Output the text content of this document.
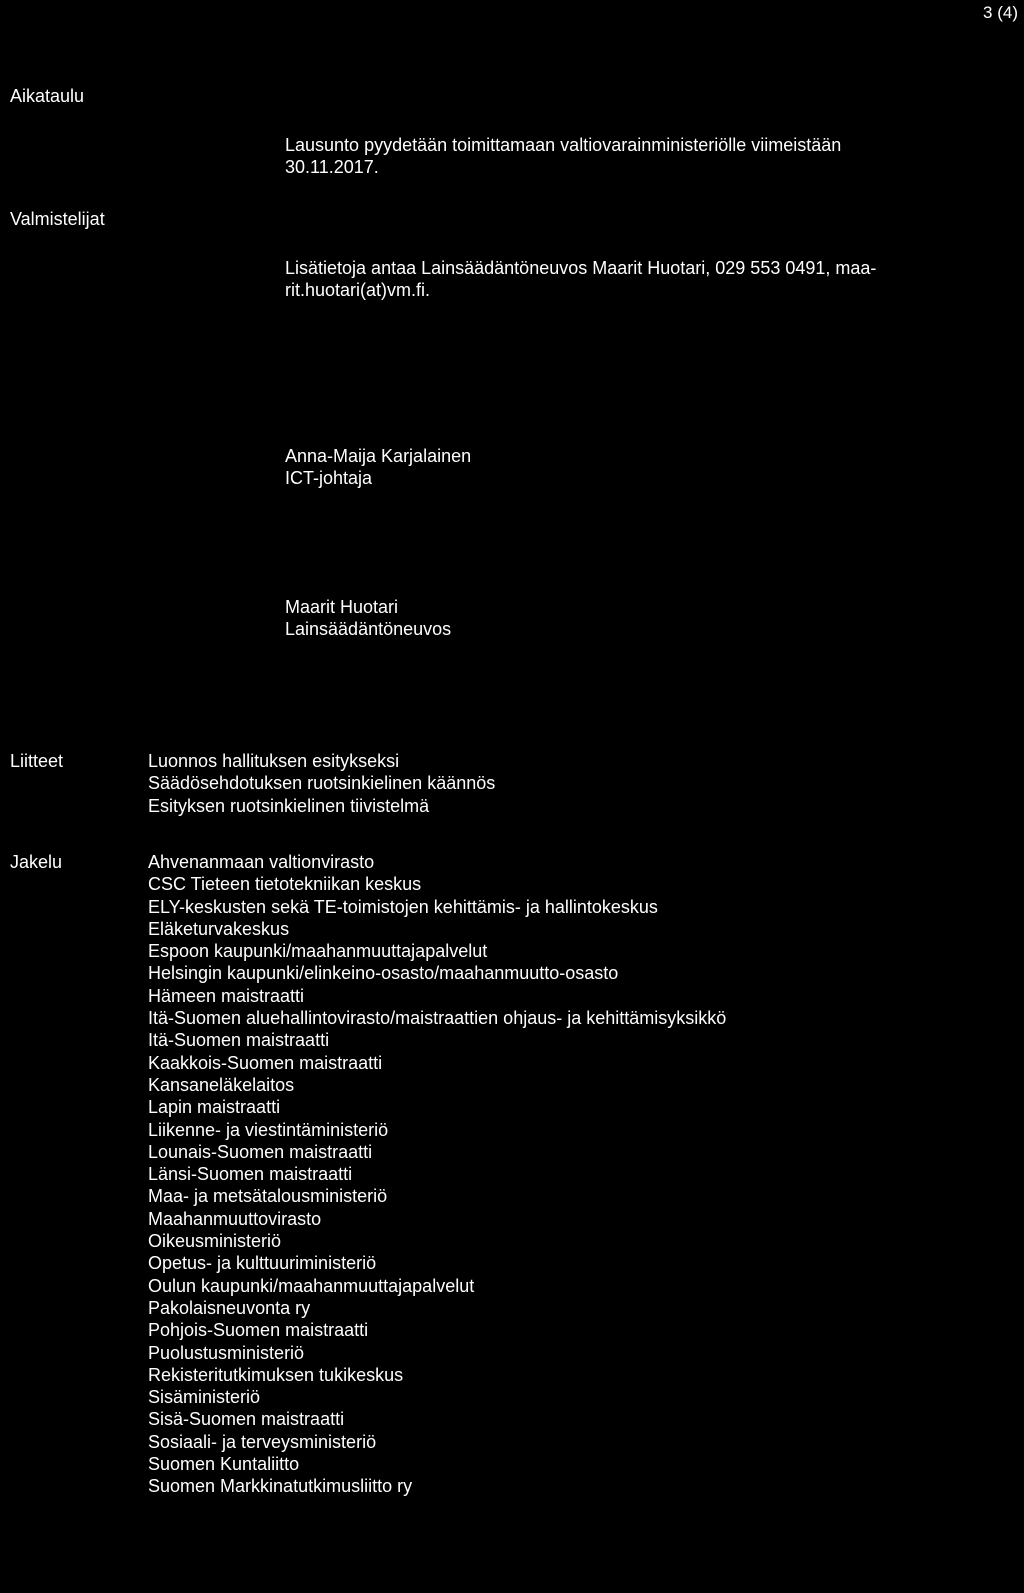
3 (4)
Aikataulu
Lausunto pyydetään toimittamaan valtiovarainministeriölle viimeistään
30.11.2017.
Valmistelijat
Lisätietoja antaa Lainsäädäntöneuvos Maarit Huotari, 029 553 0491, maa-
rit.huotari(at)vm.fi.
Anna-Maija Karjalainen
ICT-johtaja
Maarit Huotari
Lainsäädäntöneuvos
Liitteet	Luonnos hallituksen esitykseksi
Säädösehdotuksen ruotsinkielinen käännös
Esityksen ruotsinkielinen tiivistelmä
Jakelu	Ahvenanmaan valtionvirasto
CSC Tieteen tietotekniikan keskus
ELY-keskusten sekä TE-toimistojen kehittämis- ja hallintokeskus
Eläketurvakeskus
Espoon kaupunki/maahanmuuttajapalvelut
Helsingin kaupunki/elinkeino-osasto/maahanmuutto-osasto
Hämeen maistraatti
Itä-Suomen aluehallintovirasto/maistraattien ohjaus- ja kehittämisyksikkö
Itä-Suomen maistraatti
Kaakkois-Suomen maistraatti
Kansaneläkelaitos
Lapin maistraatti
Liikenne- ja viestintäministeriö
Lounais-Suomen maistraatti
Länsi-Suomen maistraatti
Maa- ja metsätalousministeriö
Maahanmuuttovirasto
Oikeusministeriö
Opetus- ja kulttuuriministeriö
Oulun kaupunki/maahanmuuttajapalvelut
Pakolaisneuvonta ry
Pohjois-Suomen maistraatti
Puolustusministeriö
Rekisteritutkimuksen tukikeskus
Sisäministeriö
Sisä-Suomen maistraatti
Sosiaali- ja terveysministeriö
Suomen Kuntaliitto
Suomen Markkinatutkimusliitto ry
